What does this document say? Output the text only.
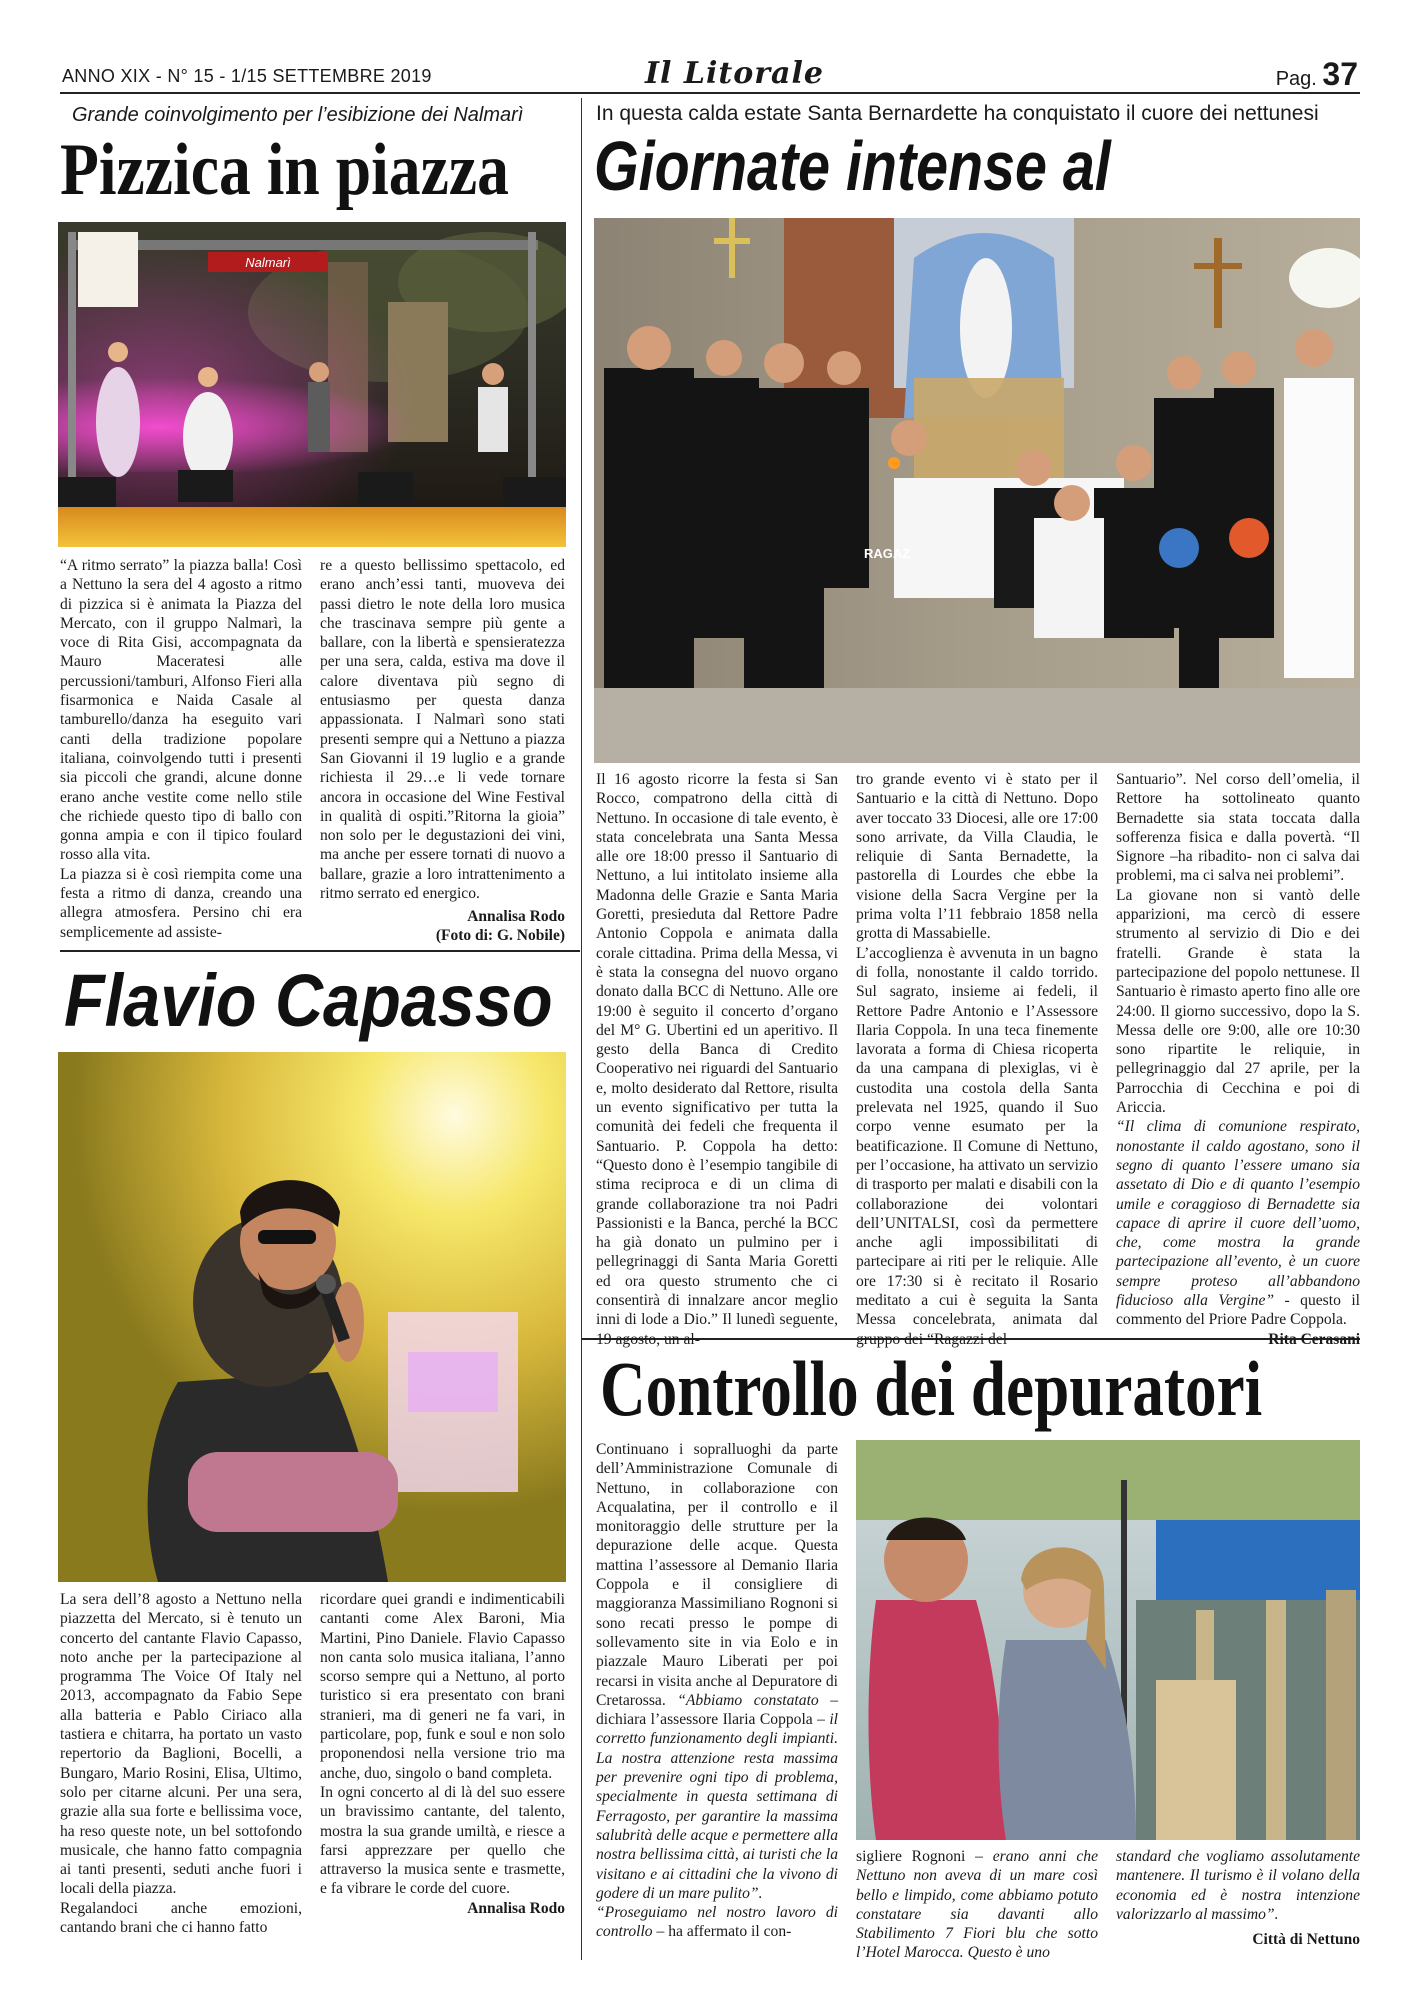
ANNO XIX - N° 15 - 1/15 SETTEMBRE 2019	Il Litorale	Pag. 37
Grande coinvolgimento per l’esibizione dei Nalmarì
Pizzica in piazza
Nalmarì

“A ritmo serrato” la piazza balla! Così a Nettuno la sera del 4 agosto a ritmo di pizzica si è animata la Piazza del Mercato, con il gruppo Nalmarì, la voce di Rita Gisi, accompagnata da Mauro Maceratesi alle percussioni/tamburi, Alfonso Fieri alla fisarmonica e Naida Casale al tamburello/danza ha eseguito vari canti della tradizione popolare italiana, coinvolgendo tutti i presenti sia piccoli che grandi, alcune donne erano anche vestite come nello stile che richiede questo tipo di ballo con gonna ampia e con il tipico foulard rosso alla vita.

La piazza si è così riempita come una festa a ritmo di danza, creando una allegra atmosfera. Persino chi era semplicemente ad assiste-

re a questo bellissimo spettacolo, ed erano anch’essi tanti, muoveva dei passi dietro le note della loro musica che trascinava sempre più gente a ballare, con la libertà e spensieratezza per una sera, calda, estiva ma dove il calore diventava più segno di entusiasmo per questa danza appassionata. I Nalmarì sono stati presenti sempre qui a Nettuno a piazza San Giovanni il 19 luglio e a grande richiesta il 29…e li vede tornare ancora in occasione del Wine Festival in qualità di ospiti.”Ritorna la gioia” non solo per le degustazioni dei vini, ma anche per essere tornati di nuovo a ballare, grazie a loro intrattenimento a ritmo serrato ed energico.

Annalisa Rodo
(Foto di: G. Nobile)
Flavio Capasso

La sera dell’8 agosto a Nettuno nella piazzetta del Mercato, si è tenuto un concerto del cantante Flavio Capasso, noto anche per la partecipazione al programma The Voice Of Italy nel 2013, accompagnato da Fabio Sepe alla batteria e Pablo Ciriaco alla tastiera e chitarra, ha portato un vasto repertorio da Baglioni, Bocelli, a Bungaro, Mario Rosini, Elisa, Ultimo, solo per citarne alcuni. Per una sera, grazie alla sua forte e bellissima voce, ha reso queste note, un bel sottofondo musicale, che hanno fatto compagnia ai tanti presenti, seduti anche fuori i locali della piazza.

Regalandoci anche emozioni, cantando brani che ci hanno fatto

ricordare quei grandi e indimenticabili cantanti come Alex Baroni, Mia Martini, Pino Daniele. Flavio Capasso non canta solo musica italiana, l’anno scorso sempre qui a Nettuno, al porto turistico si era presentato con brani stranieri, ma di generi ne fa vari, in particolare, pop, funk e soul e non solo proponendosi nella versione trio ma anche, duo, singolo o band completa.

In ogni concerto al di là del suo essere un bravissimo cantante, del talento, mostra la sua grande umiltà, e riesce a farsi apprezzare per quello che attraverso la musica sente e trasmette, e fa vibrare le corde del cuore.

Annalisa Rodo
In questa calda estate Santa Bernardette ha conquistato il cuore dei nettunesi
Giornate intense al
RAGAZ

Il 16 agosto ricorre la festa si San Rocco, compatrono della città di Nettuno. In occasione di tale evento, è stata concelebrata una Santa Messa alle ore 18:00 presso il Santuario di Nettuno, a lui intitolato insieme alla Madonna delle Grazie e Santa Maria Goretti, presieduta dal Rettore Padre Antonio Coppola e animata dalla corale cittadina. Prima della Messa, vi è stata la consegna del nuovo organo donato dalla BCC di Nettuno. Alle ore 19:00 è seguito il concerto d’organo del M° G. Ubertini ed un aperitivo. Il gesto della Banca di Credito Cooperativo nei riguardi del Santuario e, molto desiderato dal Rettore, risulta un evento significativo per tutta la comunità dei fedeli che frequenta il Santuario. P. Coppola ha detto: “Questo dono è l’esempio tangibile di stima reciproca e di un clima di grande collaborazione tra noi Padri Passionisti e la Banca, perché la BCC ha già donato un pulmino per i pellegrinaggi di Santa Maria Goretti ed ora questo strumento che ci consentirà di innalzare ancor meglio inni di lode a Dio.” Il lunedì seguente, 19 agosto, un al-

tro grande evento vi è stato per il Santuario e la città di Nettuno. Dopo aver toccato 33 Diocesi, alle ore 17:00 sono arrivate, da Villa Claudia, le reliquie di Santa Bernadette, la pastorella di Lourdes che ebbe la visione della Sacra Vergine per la prima volta l’11 febbraio 1858 nella grotta di Massabielle.

L’accoglienza è avvenuta in un bagno di folla, nonostante il caldo torrido. Sul sagrato, insieme ai fedeli, il Rettore Padre Antonio e l’Assessore Ilaria Coppola. In una teca finemente lavorata a forma di Chiesa ricoperta da una campana di plexiglas, vi è custodita una costola della Santa prelevata nel 1925, quando il Suo corpo venne esumato per la beatificazione. Il Comune di Nettuno, per l’occasione, ha attivato un servizio di trasporto per malati e disabili con la collaborazione dei volontari dell’UNITALSI, così da permettere anche agli impossibilitati di partecipare ai riti per le reliquie. Alle ore 17:30 si è recitato il Rosario meditato a cui è seguita la Santa Messa concelebrata, animata dal gruppo dei “Ragazzi del

Santuario”. Nel corso dell’omelia, il Rettore ha sottolineato quanto Bernadette sia stata toccata dalla sofferenza fisica e dalla povertà. “Il Signore –ha ribadito- non ci salva dai problemi, ma ci salva nei problemi”.

La giovane non si vantò delle apparizioni, ma cercò di essere strumento al servizio di Dio e dei fratelli. Grande è stata la partecipazione del popolo nettunese. Il Santuario è rimasto aperto fino alle ore 24:00. Il giorno successivo, dopo la S. Messa delle ore 9:00, alle ore 10:30 sono ripartite le reliquie, in pellegrinaggio dal 27 aprile, per la Parrocchia di Cecchina e poi di Ariccia.

“Il clima di comunione respirato, nonostante il caldo agostano, sono il segno di quanto l’essere umano sia assetato di Dio e di quanto l’esempio umile e coraggioso di Bernadette sia capace di aprire il cuore dell’uomo, che, come mostra la grande partecipazione all’evento, è un cuore sempre proteso all’abbandono fiducioso alla Vergine” - questo il commento del Priore Padre Coppola.

Rita Cerasani
Controllo dei depuratori

Continuano i sopralluoghi da parte dell’Amministrazione Comunale di Nettuno, in collaborazione con Acqualatina, per il controllo e il monitoraggio delle strutture per la depurazione delle acque. Questa mattina l’assessore al Demanio Ilaria Coppola e il consigliere di maggioranza Massimiliano Rognoni si sono recati presso le pompe di sollevamento site in via Eolo e in piazzale Mauro Liberati per poi recarsi in visita anche al Depuratore di Cretarossa. “Abbiamo constatato – dichiara l’assessore Ilaria Coppola – il corretto funzionamento degli impianti. La nostra attenzione resta massima per prevenire ogni tipo di problema, specialmente in questa settimana di Ferragosto, per garantire la massima salubrità delle acque e permettere alla nostra bellissima città, ai turisti che la visitano e ai cittadini che la vivono di godere di un mare pulito”.

“Proseguiamo nel nostro lavoro di controllo – ha affermato il con-

sigliere Rognoni – erano anni che Nettuno non aveva di un mare così bello e limpido, come abbiamo potuto constatare sia davanti allo Stabilimento 7 Fiori blu che sotto l’Hotel Marocca. Questo è uno

standard che vogliamo assolutamente mantenere. Il turismo è il volano della economia ed è nostra intenzione valorizzarlo al massimo”.

Città di Nettuno
